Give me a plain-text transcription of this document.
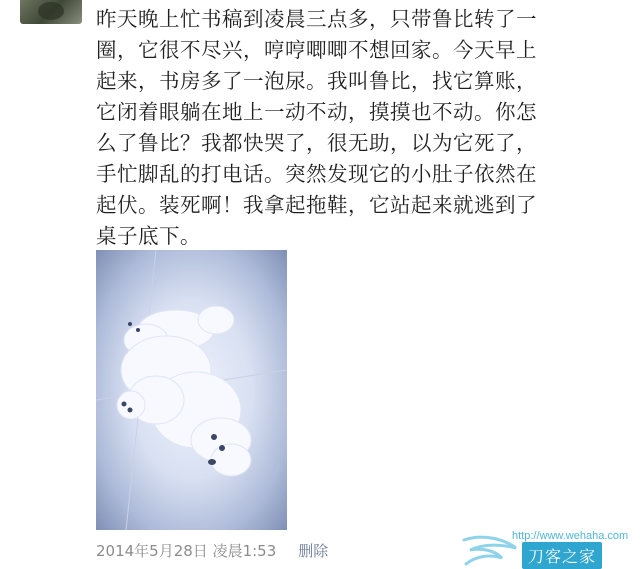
昨天晚上忙书稿到凌晨三点多，只带鲁比转了一
圈，它很不尽兴，哼哼唧唧不想回家。今天早上
起来，书房多了一泡尿。我叫鲁比，找它算账，
它闭着眼躺在地上一动不动，摸摸也不动。你怎
么了鲁比？我都快哭了，很无助，以为它死了，
手忙脚乱的打电话。突然发现它的小肚子依然在
起伏。装死啊！我拿起拖鞋，它站起来就逃到了
桌子底下。
2014年5月28日 凌晨1:53 删除
http://www.wehaha.com
刀客之家
